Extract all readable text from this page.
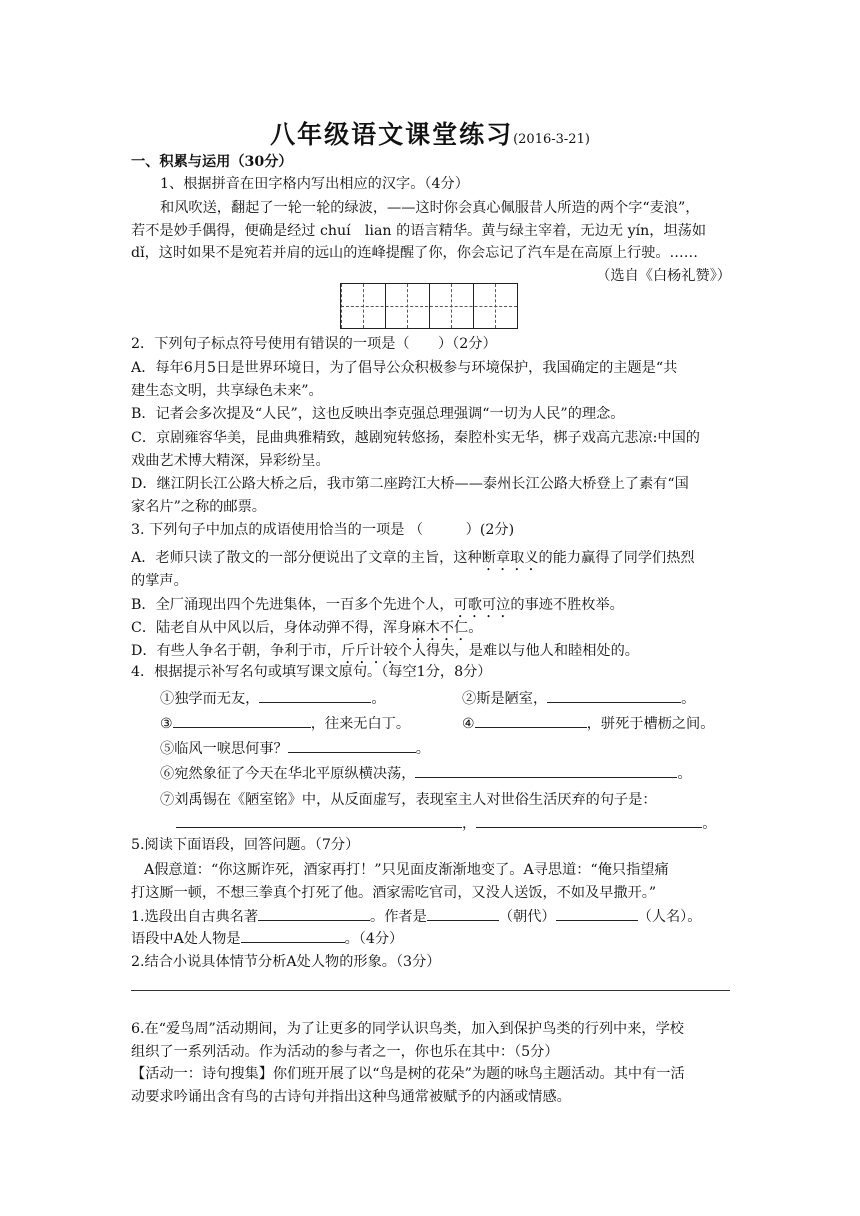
八年级语文课堂练习(2016-3-21)
一、积累与运用（30分）
1、根据拼音在田字格内写出相应的汉字。（4分）
和风吹送，翻起了一轮一轮的绿波，——这时你会真心佩服昔人所造的两个字“麦浪”，
若不是妙手偶得，便确是经过 chuí　lian 的语言精华。黄与绿主宰着，无边无 yín，坦荡如
dǐ，这时如果不是宛若并肩的远山的连峰提醒了你，你会忘记了汽车是在高原上行驶。……
（选自《白杨礼赞》）
2．下列句子标点符号使用有错误的一项是（　　）（2分）
A．每年6月5日是世界环境日，为了倡导公众积极参与环境保护，我国确定的主题是“共
建生态文明，共享绿色未来”。
B．记者会多次提及“人民”，这也反映出李克强总理强调“一切为人民”的理念。
C．京剧雍容华美，昆曲典雅精致，越剧宛转悠扬，秦腔朴实无华，梆子戏高亢悲凉:中国的
戏曲艺术博大精深，异彩纷呈。
D．继江阴长江公路大桥之后，我市第二座跨江大桥——泰州长江公路大桥登上了素有“国
家名片”之称的邮票。
3. 下列句子中加点的成语使用恰当的一项是 （　　　）(2分)
A．老师只读了散文的一部分便说出了文章的主旨，这种断章取义的能力赢得了同学们热烈
的掌声。
B．全厂涌现出四个先进集体，一百多个先进个人，可歌可泣的事迹不胜枚举。
C．陆老自从中风以后，身体动弹不得，浑身麻木不仁。
D．有些人争名于朝，争利于市，斤斤计较个人得失，是难以与他人和睦相处的。
4．根据提示补写名句或填写课文原句。（每空1分，8分）
①独学而无友，	。	②斯是陋室，	。
③	，往来无白丁。	④	，骈死于槽枥之间。
⑤临风一唳思何事？	。
⑥宛然象征了今天在华北平原纵横决荡，	。
⑦刘禹锡在《陋室铭》中，从反面虚写，表现室主人对世俗生活厌弃的句子是：
，	。
5.阅读下面语段，回答问题。（7分）
A假意道：“你这厮诈死，酒家再打！”只见面皮渐渐地变了。A寻思道：“俺只指望痛
打这厮一顿，不想三拳真个打死了他。酒家需吃官司，又没人送饭，不如及早撒开。”
1.选段出自古典名著	。作者是	（朝代）	（人名）。
语段中A处人物是	。（4分）
2.结合小说具体情节分析A处人物的形象。（3分）
6.在“爱鸟周”活动期间，为了让更多的同学认识鸟类，加入到保护鸟类的行列中来，学校
组织了一系列活动。作为活动的参与者之一，你也乐在其中：（5分）
【活动一：诗句搜集】你们班开展了以“鸟是树的花朵”为题的咏鸟主题活动。其中有一活
动要求吟诵出含有鸟的古诗句并指出这种鸟通常被赋予的内涵或情感。
